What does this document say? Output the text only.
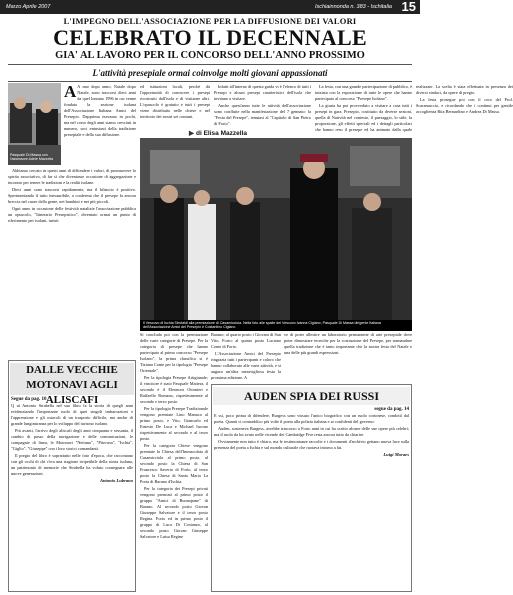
Marzo Aprile 2007	Ischiainnonda n. 383 - Ischitalia 15
L'IMPEGNO DELL'ASSOCIAZIONE PER LA DIFFUSIONE DEI VALORI
CELEBRATO IL DECENNALE
GIA' AL LAVORO PER IL CONCORSO DELL'ANNO PROSSIMO
L'attività presepiale ormai coinvolge molti giovani appassionati
Pasquale Di Massa con l'assessore Adele Mazzella

A A nno dopo anno, Natale dopo Natale, sono trascorsi dieci anni da quel lontano 1996 in cui venne fondata la sezione isolana dell'Associazione Italiana Amici del Presepio. Dapprima eravamo in pochi, ma nel corso degli anni siamo cresciuti in numero, soci entusiasti della tradizione presepiale e della sua diffusione.

Abbiamo cercato in questi anni di diffondere i valori, di promuovere lo spirito associativo, di far sì che diventasse occasione di aggregazione e incontro per tenere le tradizioni e la realtà isolane.

Dieci anni sono trascorsi rapidamente, ma il bilancio è positivo. Sperimentando il tutto inesauribile, a conferma che il presepe fa ancora breccia nel cuore della gente, nei bambini e nei più piccoli.

Ogni anno in occasione delle festività natalizie l'associazione pubblica un opuscolo, "Itinerario Presepistico", diventato ormai un punto di riferimento per isolani, turisti

ed istituzioni locali, perché dà l'opportunità di conoscere i presepi ricostruiti dall'isola e di visitarne altri. L'opuscolo è gratuito e tutti i presepi viene distribuito nelle chiese e nel territorio dei nostri sei comuni.

Infatti all'interno di questa guida vi è l'elenco di tutti i Presepi e alcuni presepi caratteristici dell'isola che invitano a visitare.

Anche quest'anno tutte le attività dell'associazione sono confluite nella manifestazione del 7 gennaio: la "Festa del Presepe", tenutasi al "Capitolo di San Pietro di Forio".

La festa, con una grande partecipazione di pubblico, è iniziata con la esposizione di tutte le opere che hanno partecipato al concorso "Presepe Isolano".

La giuria ha poi provveduto a visitare a casa tutti i presepi in gara. Presepio, costituito da diverse sezioni, quella di Natività nel contesto, il paesaggio, lo stile, la proporzione, gli effetti speciali ed i dettagli particolari che hanno reso il presepe ed ha animato dalla quale realizzate. La scelta è stata effettuata in presenza dei diversi sindaci, da opere di pregio.

La festa prosegue poi con il coro del Prof. Scaramuccio, e ricordando che i continui per gentile accoglienza Rita Bernardino e Andrea Di Massa.

▶ di Elisa Mazzella
Il Vescovo di Ischia Strofaldi alla premiazione di Casamicciola. Nella foto alle spalle del Vescovo Ivanna Ciglano, Pasquale Di Massa dirigente Italiana dell'Associazione Amici del Presepio e Costantino Ciglano

Si concluda poi con la premiazione delle varie categorie di Presepe. Per la categoria di presepe che hanno partecipato al primo concorso "Presepe Isolano", la prima classifica si è Tiziana Conte per la tipologia "Presepe Orientale".

Per la tipologia Presepe Artigianale: il vincitore è stato Pasquale Mattera, il secondo è il Eleonora Ottonieri e Raffaello Romano, rispettivamente al secondo e terzo posto.

Per la tipologia Presepe Tradizionale vengono premiate Lino Manuca al primo posto, e Vito, Giancarlo ed Ernesto De Luca e Michael Iacono rispettivamente al secondo e al terzo posto.

Per la categoria Chiese vengono premiate la Chiesa dell'Immacolata di Casamicciola al primo posto, al secondo posto la Chiesa di San Francesco Saverio di Forio, al terzo posto la Chiesa di Santa Maria La Porta di Barano d'Ischia.

Per la categoria dei Presepi privati vengono premiati al primo posto il gruppo "Amici di Buonopane" di Barano. Al secondo posto Giovan Giuseppe Salvatore e il terzo posto Regina. Forio ed in primo posto il gruppo di Luca Di Costanzo, al secondo posto Giovan Giuseppe Salvatore e Luisa Regine

Barano; al quarto posto i Giovani di San Vito, Forio; al quinto posto Luciano Conte di Forio.

L'Associazione Amici del Presepio ringrazia tutti i partecipanti e coloro che hanno collaborato alle varie attività, e si augura un'altra meravigliosa festa la prossima edizione. A

ve di poter allestire un laboratorio permanente di arte presepiale dove poter dimostrare tecniche per la costruzione del Presepe, per tramandare quella tradizione che è tanto importante che la nostra festa del Natale e una delle più grandi espressioni.

DALLE VECCHIE MOTONAVI AGLI ALISCAFI
Segue da pag. 10

Q ui Antonio Strabella nel suo libro fa la storia di quegli anni evidenziando l'importante ruolo di quei singoli imbarcazioni e l'apprensione e gli ostacoli di un trasporto difficile, ma anche di grande lungimiranza per lo sviluppo del turismo isolano.

Più avanti, l'arrivo degli aliscafi degli anni cinquanta e sessanta, il cambio di passo della navigazione e delle comunicazioni, le compagnie di linea, le Motonavi "Nettuno", "Pitecusa", "Ischia", "Giglio", "Giuseppe" con i loro storici comandanti.

Il pregio del libro è soprattutto nelle foto d'epoca, che raccontano con gli occhi di chi c'era una stagione irripetibile della storia isolana, un patrimonio di memorie che Strabella ha voluto consegnare alle nuove generazioni.

Antonio Lubrano
AUDEN SPIA DEI RUSSI
segue da pag. 14

E ssi, poco prima di difendere, Burgess sono vissuto l'unico biografico con un ruolo cortonese, condotti dal poeta. Quanti ci contraddico più volte il poeta alla polizia italiana e ai confidenti del governo.

Auden, sosteneva Burgess, avrebbe trascorso a Forio anni in cui ha scritto alcune delle sue opere più celebri; ma il ruolo da lui avuto nelle vicende dei Cambridge Five resta ancora tutto da chiarire.

Ovviamente non tutto è chiaro, ma le testimonianze raccolte e i documenti d'archivio gettano nuova luce sulla presenza del poeta a Ischia e sul mondo culturale che ruotava intorno a lui.

Luigi Moraes
